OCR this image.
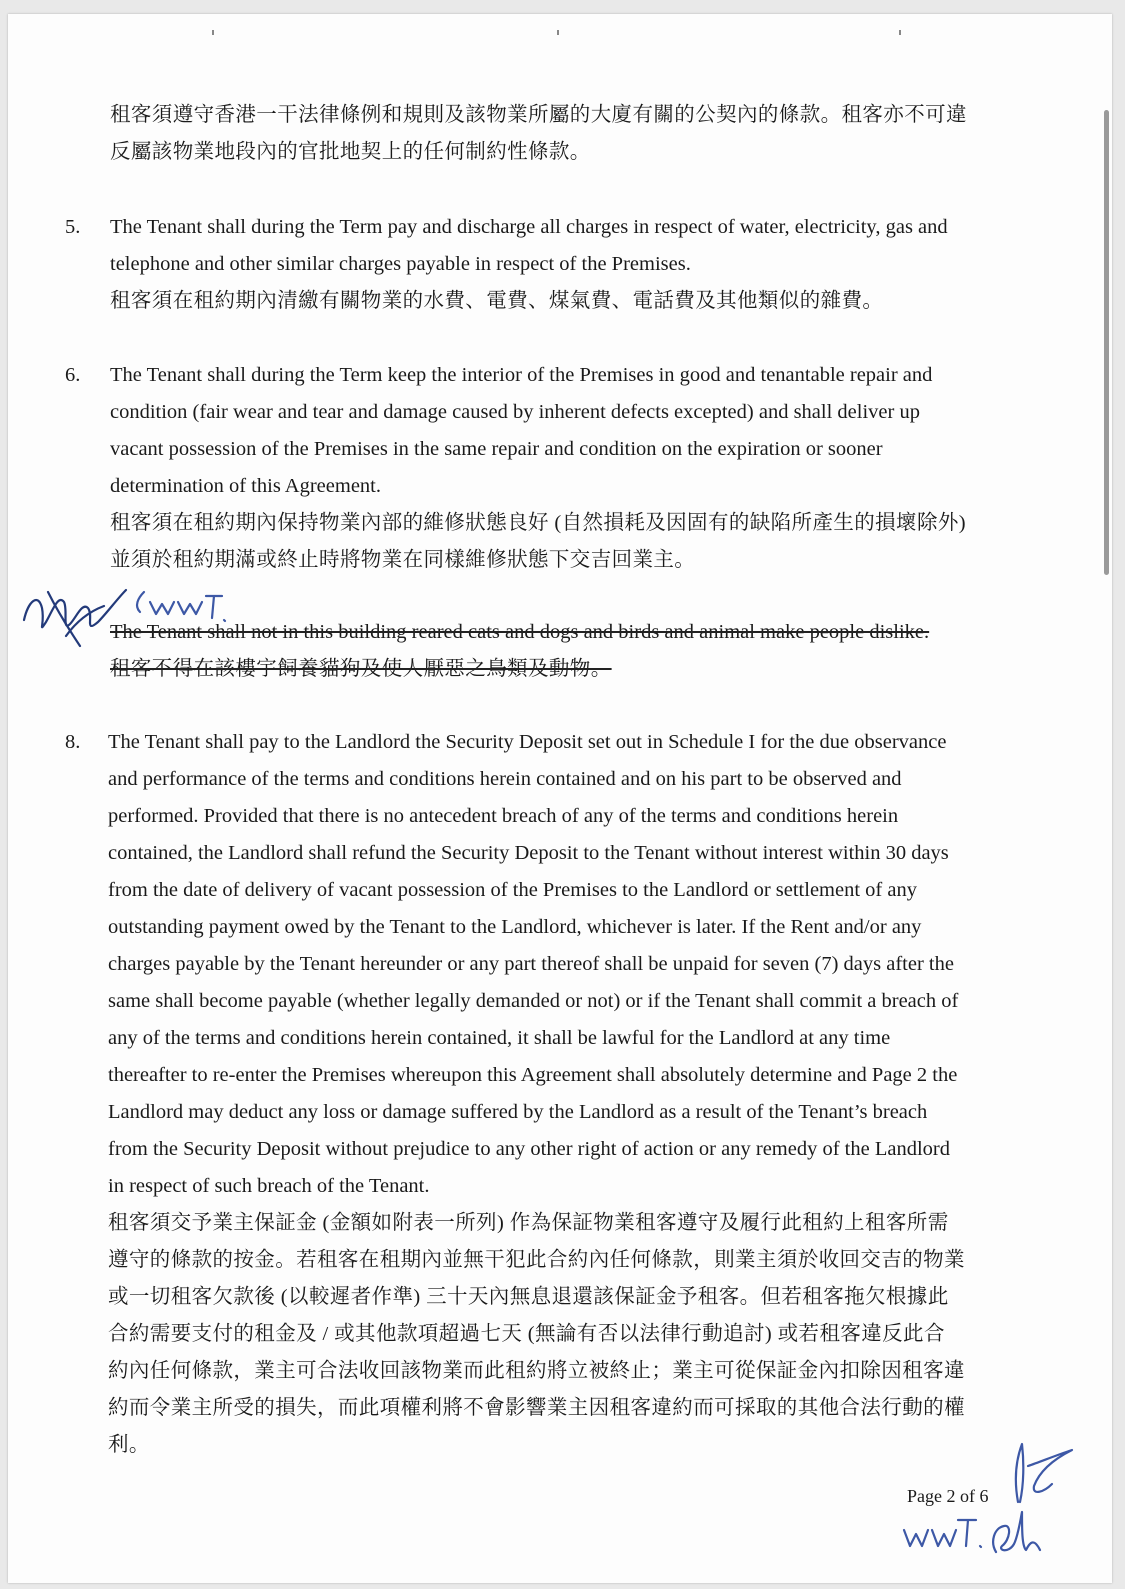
租客須遵守香港一干法律條例和規則及該物業所屬的大廈有關的公契內的條款。租客亦不可違

反屬該物業地段內的官批地契上的任何制約性條款。

5. The Tenant shall during the Term pay and discharge all charges in respect of water, electricity, gas and

telephone and other similar charges payable in respect of the Premises.

租客須在租約期內清繳有關物業的水費、電費、煤氣費、電話費及其他類似的雜費。

6. The Tenant shall during the Term keep the interior of the Premises in good and tenantable repair and

condition (fair wear and tear and damage caused by inherent defects excepted) and shall deliver up

vacant possession of the Premises in the same repair and condition on the expiration or sooner

determination of this Agreement.

租客須在租約期內保持物業內部的維修狀態良好 (自然損耗及因固有的缺陷所產生的損壞除外)

並須於租約期滿或終止時將物業在同樣維修狀態下交吉回業主。

The Tenant shall not in this building reared cats and dogs and birds and animal make people dislike.

租客不得在該樓宇飼養貓狗及使人厭惡之鳥類及動物。

8. The Tenant shall pay to the Landlord the Security Deposit set out in Schedule I for the due observance

and performance of the terms and conditions herein contained and on his part to be observed and

performed. Provided that there is no antecedent breach of any of the terms and conditions herein

contained, the Landlord shall refund the Security Deposit to the Tenant without interest within 30 days

from the date of delivery of vacant possession of the Premises to the Landlord or settlement of any

outstanding payment owed by the Tenant to the Landlord, whichever is later. If the Rent and/or any

charges payable by the Tenant hereunder or any part thereof shall be unpaid for seven (7) days after the

same shall become payable (whether legally demanded or not) or if the Tenant shall commit a breach of

any of the terms and conditions herein contained, it shall be lawful for the Landlord at any time

thereafter to re-enter the Premises whereupon this Agreement shall absolutely determine and Page 2 the

Landlord may deduct any loss or damage suffered by the Landlord as a result of the Tenant’s breach

from the Security Deposit without prejudice to any other right of action or any remedy of the Landlord

in respect of such breach of the Tenant.

租客須交予業主保証金 (金額如附表一所列) 作為保証物業租客遵守及履行此租約上租客所需

遵守的條款的按金。若租客在租期內並無干犯此合約內任何條款，則業主須於收回交吉的物業

或一切租客欠款後 (以較遲者作準) 三十天內無息退還該保証金予租客。但若租客拖欠根據此

合約需要支付的租金及 / 或其他款項超過七天 (無論有否以法律行動追討) 或若租客違反此合

約內任何條款，業主可合法收回該物業而此租約將立被終止；業主可從保証金內扣除因租客違

約而令業主所受的損失，而此項權利將不會影響業主因租客違約而可採取的其他合法行動的權

利。

Page 2 of 6
